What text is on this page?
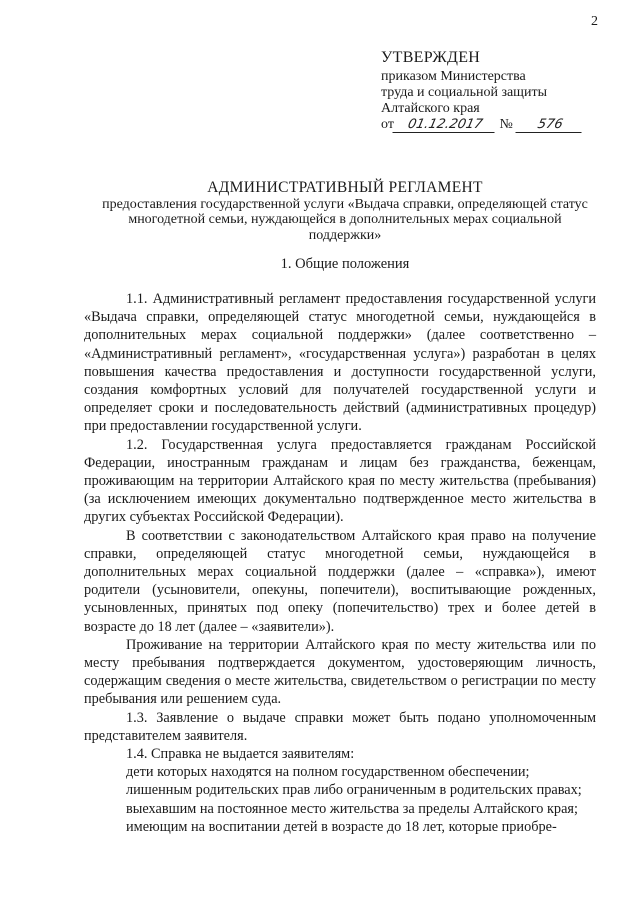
2
УТВЕРЖДЕН
приказом Министерства
труда и социальной защиты
Алтайского края
от 01.12.2017 № 576
АДМИНИСТРАТИВНЫЙ РЕГЛАМЕНТ
предоставления государственной услуги «Выдача справки, определяющей статус многодетной семьи, нуждающейся в дополнительных мерах социальной поддержки»
1. Общие положения

1.1. Административный регламент предоставления государственной услуги «Выдача справки, определяющей статус многодетной семьи, нуждающейся в дополнительных мерах социальной поддержки» (далее соответственно – «Административный регламент», «государственная услуга») разработан в целях повышения качества предоставления и доступности государственной услуги, создания комфортных условий для получателей государственной услуги и определяет сроки и последовательность действий (административных процедур) при предоставлении государственной услуги.

1.2. Государственная услуга предоставляется гражданам Российской Федерации, иностранным гражданам и лицам без гражданства, беженцам, проживающим на территории Алтайского края по месту жительства (пребывания) (за исключением имеющих документально подтвержденное место жительства в других субъектах Российской Федерации).

В соответствии с законодательством Алтайского края право на получение справки, определяющей статус многодетной семьи, нуждающейся в дополнительных мерах социальной поддержки (далее – «справка»), имеют родители (усыновители, опекуны, попечители), воспитывающие рожденных, усыновленных, принятых под опеку (попечительство) трех и более детей в возрасте до 18 лет (далее – «заявители»).

Проживание на территории Алтайского края по месту жительства или по месту пребывания подтверждается документом, удостоверяющим личность, содержащим сведения о месте жительства, свидетельством о регистрации по месту пребывания или решением суда.

1.3. Заявление о выдаче справки может быть подано уполномоченным представителем заявителя.

1.4. Справка не выдается заявителям:

дети которых находятся на полном государственном обеспечении;

лишенным родительских прав либо ограниченным в родительских правах;

выехавшим на постоянное место жительства за пределы Алтайского края;

имеющим на воспитании детей в возрасте до 18 лет, которые приобре-
